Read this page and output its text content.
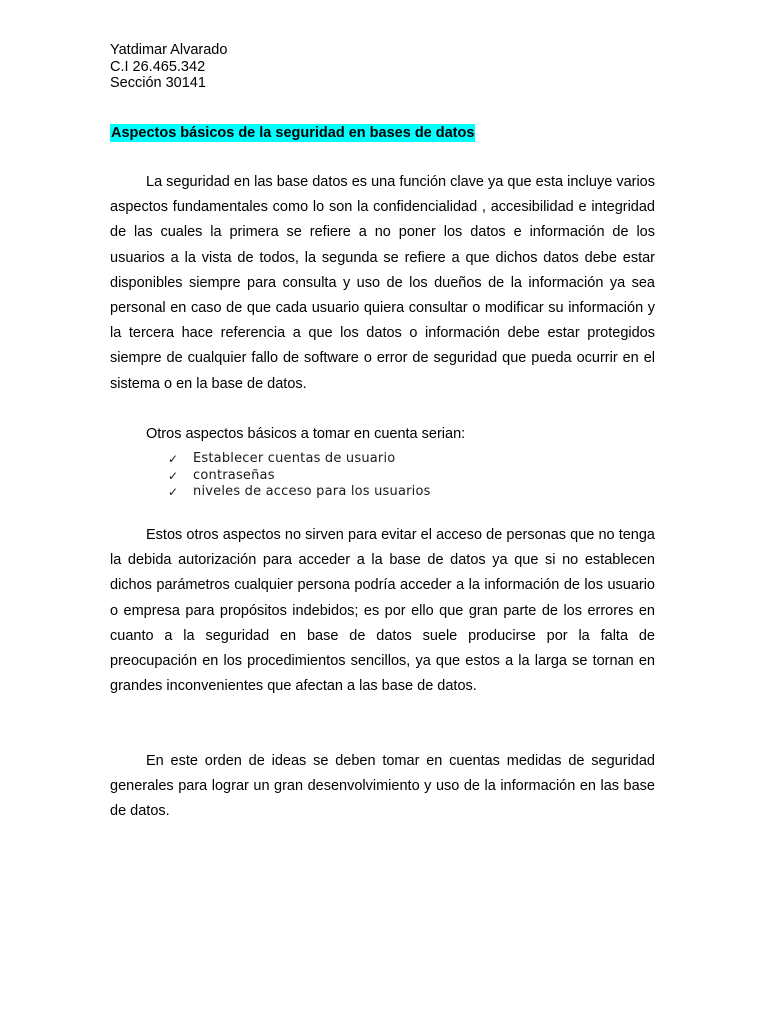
Yatdimar Alvarado
C.I 26.465.342
Sección 30141
Aspectos básicos de la seguridad en bases de datos

La seguridad en las base datos es una función clave ya que esta incluye varios aspectos fundamentales como lo son la confidencialidad , accesibilidad e integridad de las cuales la primera se refiere a no poner los datos e información de los usuarios a la vista de todos, la segunda se refiere a que dichos datos debe estar disponibles siempre para consulta y uso de los dueños de la información ya sea personal en caso de que cada usuario quiera consultar o modificar su información y la tercera hace referencia a que los datos o información debe estar protegidos siempre de cualquier fallo de software o error de seguridad que pueda ocurrir en el sistema o en la base de datos.

Otros aspectos básicos a tomar en cuenta serian:

✓ Establecer cuentas de usuario
✓ contraseñas
✓ niveles de acceso para los usuarios

Estos otros aspectos no sirven para evitar el acceso de personas que no tenga la debida autorización para acceder a la base de datos ya que si no establecen dichos parámetros cualquier persona podría acceder a la información de los usuario o empresa para propósitos indebidos; es por ello que gran parte de los errores en cuanto a la seguridad en base de datos suele producirse por la falta de preocupación en los procedimientos sencillos, ya que estos a la larga se tornan en grandes inconvenientes que afectan a las base de datos.

En este orden de ideas se deben tomar en cuentas medidas de seguridad generales para lograr un gran desenvolvimiento y uso de la información en las base de datos.
